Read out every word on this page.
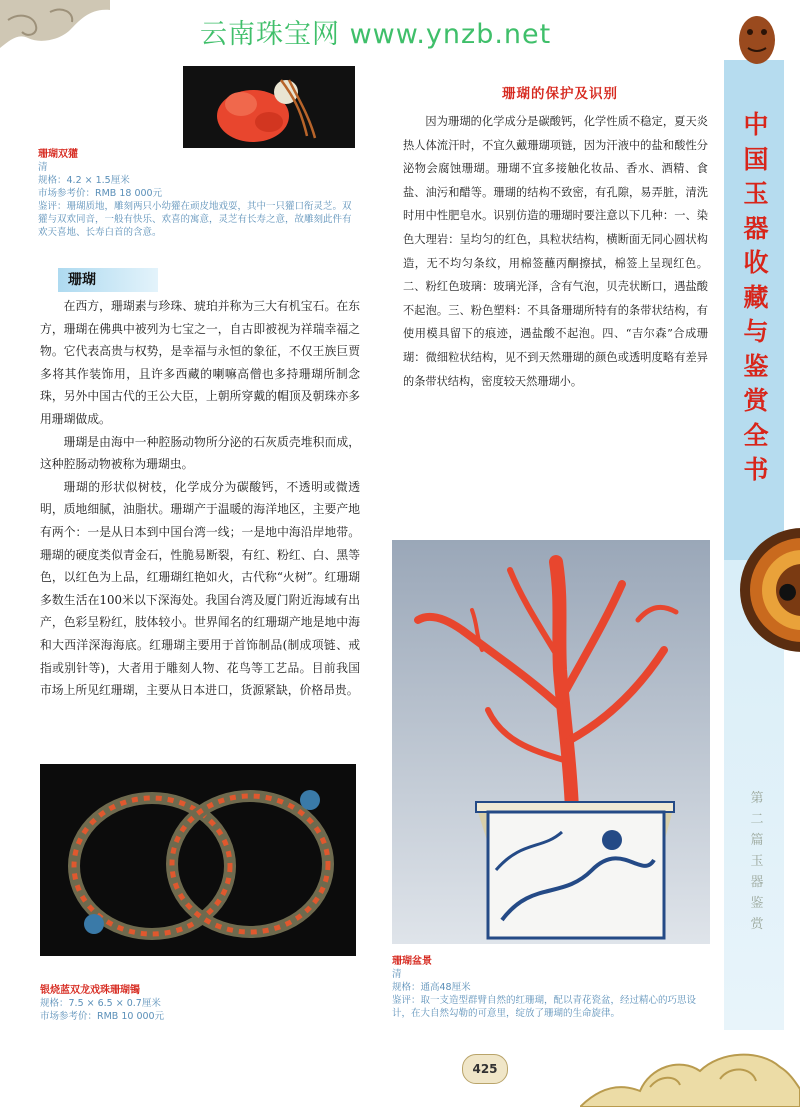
云南珠宝网 www.ynzb.net
中国玉器收藏与鉴赏全书
●
第二篇 玉器鉴赏
珊瑚双獾
清
规格：4.2 × 1.5厘米
市场参考价：RMB 18 000元
鉴评：珊瑚质地，雕刻两只小幼獾在顽皮地戏耍，其中一只獾口衔灵芝。双獾与双欢同音，一般有快乐、欢喜的寓意，灵芝有长寿之意，故雕刻此件有欢天喜地、长寿白首的含意。
珊瑚

在西方，珊瑚素与珍珠、琥珀并称为三大有机宝石。在东方，珊瑚在佛典中被列为七宝之一，自古即被视为祥瑞幸福之物。它代表高贵与权势，是幸福与永恒的象征，不仅王族巨贾多将其作装饰用，且许多西藏的喇嘛高僧也多持珊瑚所制念珠，另外中国古代的王公大臣，上朝所穿戴的帽顶及朝珠亦多用珊瑚做成。

珊瑚是由海中一种腔肠动物所分泌的石灰质壳堆积而成，这种腔肠动物被称为珊瑚虫。

珊瑚的形状似树枝，化学成分为碳酸钙，不透明或微透明，质地细腻，油脂状。珊瑚产于温暖的海洋地区，主要产地有两个：一是从日本到中国台湾一线；一是地中海沿岸地带。珊瑚的硬度类似青金石，性脆易断裂，有红、粉红、白、黑等色，以红色为上品，红珊瑚红艳如火，古代称“火树”。红珊瑚多数生活在100米以下深海处。我国台湾及厦门附近海域有出产，色彩呈粉红，肢体较小。世界闻名的红珊瑚产地是地中海和大西洋深海海底。红珊瑚主要用于首饰制品(制成项链、戒指或别针等)，大者用于雕刻人物、花鸟等工艺品。目前我国市场上所见红珊瑚，主要从日本进口，货源紧缺，价格昂贵。

银烧蓝双龙戏珠珊瑚镯
规格：7.5 × 6.5 × 0.7厘米
市场参考价：RMB 10 000元
珊瑚的保护及识别

因为珊瑚的化学成分是碳酸钙，化学性质不稳定，夏天炎热人体流汗时，不宜久戴珊瑚项链，因为汗液中的盐和酸性分泌物会腐蚀珊瑚。珊瑚不宜多接触化妆品、香水、酒精、食盐、油污和醋等。珊瑚的结构不致密，有孔隙，易弄脏，清洗时用中性肥皂水。识别仿造的珊瑚时要注意以下几种：一、染色大理岩：呈均匀的红色，具粒状结构，横断面无同心圆状构造，无不均匀条纹，用棉签蘸丙酮擦拭，棉签上呈现红色。二、粉红色玻璃：玻璃光泽，含有气泡，贝壳状断口，遇盐酸不起泡。三、粉色塑料：不具备珊瑚所特有的条带状结构，有使用模具留下的痕迹，遇盐酸不起泡。四、“吉尔森”合成珊瑚：微细粒状结构，见不到天然珊瑚的颜色或透明度略有差异的条带状结构，密度较天然珊瑚小。

珊瑚盆景
清
规格：通高48厘米
鉴评：取一支造型群臂自然的红珊瑚，配以青花瓷盆，经过精心的巧思设计，在大自然勾勒的可意里，绽放了珊瑚的生命旋律。
425
